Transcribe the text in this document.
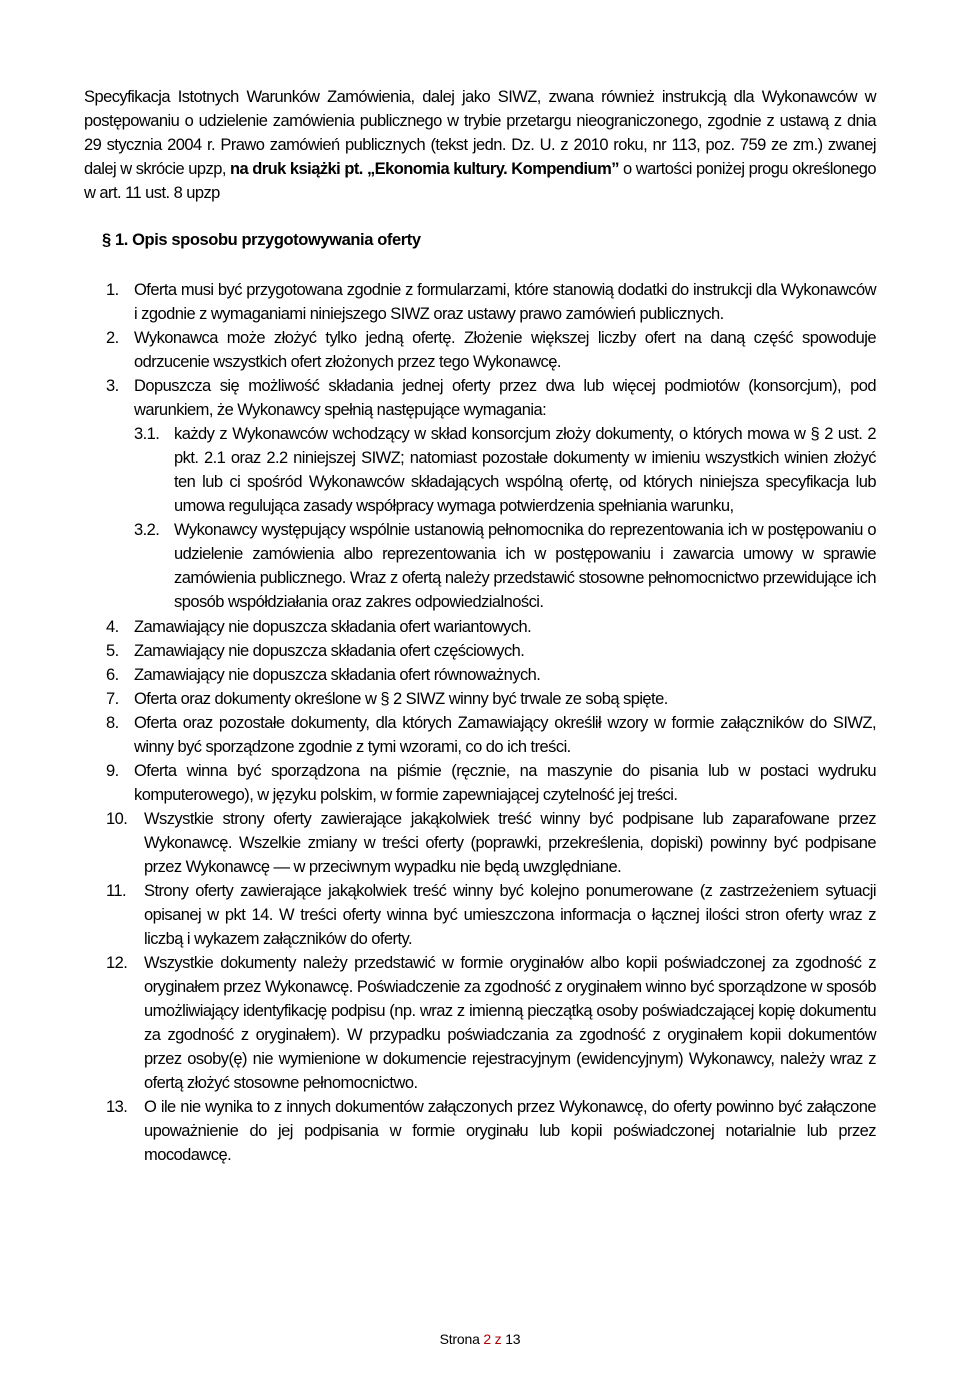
Specyfikacja Istotnych Warunków Zamówienia, dalej jako SIWZ, zwana również instrukcją dla Wykonawców w postępowaniu o udzielenie zamówienia publicznego w trybie przetargu nieograniczonego, zgodnie z ustawą z dnia 29 stycznia 2004 r. Prawo zamówień publicznych (tekst jedn. Dz. U. z 2010 roku, nr 113, poz. 759 ze zm.) zwanej dalej w skrócie upzp, na druk książki pt. „Ekonomia kultury. Kompendium” o wartości poniżej progu określonego w art. 11 ust. 8 upzp
§ 1. Opis sposobu przygotowywania oferty
1. Oferta musi być przygotowana zgodnie z formularzami, które stanowią dodatki do instrukcji dla Wykonawców i zgodnie z wymaganiami niniejszego SIWZ oraz ustawy prawo zamówień publicznych.
2. Wykonawca może złożyć tylko jedną ofertę. Złożenie większej liczby ofert na daną część spowoduje odrzucenie wszystkich ofert złożonych przez tego Wykonawcę.
3. Dopuszcza się możliwość składania jednej oferty przez dwa lub więcej podmiotów (konsorcjum), pod warunkiem, że Wykonawcy spełnią następujące wymagania:
3.1. każdy z Wykonawców wchodzący w skład konsorcjum złoży dokumenty, o których mowa w § 2 ust. 2 pkt. 2.1 oraz 2.2 niniejszej SIWZ; natomiast pozostałe dokumenty w imieniu wszystkich winien złożyć ten lub ci spośród Wykonawców składających wspólną ofertę, od których niniejsza specyfikacja lub umowa regulująca zasady współpracy wymaga potwierdzenia spełniania warunku,
3.2. Wykonawcy występujący wspólnie ustanowią pełnomocnika do reprezentowania ich w postępowaniu o udzielenie zamówienia albo reprezentowania ich w postępowaniu i zawarcia umowy w sprawie zamówienia publicznego. Wraz z ofertą należy przedstawić stosowne pełnomocnictwo przewidujące ich sposób współdziałania oraz zakres odpowiedzialności.
4. Zamawiający nie dopuszcza składania ofert wariantowych.
5. Zamawiający nie dopuszcza składania ofert częściowych.
6. Zamawiający nie dopuszcza składania ofert równoważnych.
7. Oferta oraz dokumenty określone w § 2 SIWZ winny być trwale ze sobą spięte.
8. Oferta oraz pozostałe dokumenty, dla których Zamawiający określił wzory w formie załączników do SIWZ, winny być sporządzone zgodnie z tymi wzorami, co do ich treści.
9. Oferta winna być sporządzona na piśmie (ręcznie, na maszynie do pisania lub w postaci wydruku komputerowego), w języku polskim, w formie zapewniającej czytelność jej treści.
10.	Wszystkie strony oferty zawierające jakąkolwiek treść winny być podpisane lub zaparafowane przez Wykonawcę. Wszelkie zmiany w treści oferty (poprawki, przekreślenia, dopiski) powinny być podpisane przez Wykonawcę — w przeciwnym wypadku nie będą uwzględniane.
11.	Strony oferty zawierające jakąkolwiek treść winny być kolejno ponumerowane (z zastrzeżeniem sytuacji opisanej w pkt 14. W treści oferty winna być umieszczona informacja o łącznej ilości stron oferty wraz z liczbą i wykazem załączników do oferty.
12.	Wszystkie dokumenty należy przedstawić w formie oryginałów albo kopii poświadczonej za zgodność z oryginałem przez Wykonawcę. Poświadczenie za zgodność z oryginałem winno być sporządzone w sposób umożliwiający identyfikację podpisu (np. wraz z imienną pieczątką osoby poświadczającej kopię dokumentu za zgodność z oryginałem). W przypadku poświadczania za zgodność z oryginałem kopii dokumentów przez osoby(ę) nie wymienione w dokumencie rejestracyjnym (ewidencyjnym) Wykonawcy, należy wraz z ofertą złożyć stosowne pełnomocnictwo.
13.	O ile nie wynika to z innych dokumentów załączonych przez Wykonawcę, do oferty powinno być załączone upoważnienie do jej podpisania w formie oryginału lub kopii poświadczonej notarialnie lub przez mocodawcę.
Strona 2 z 13
